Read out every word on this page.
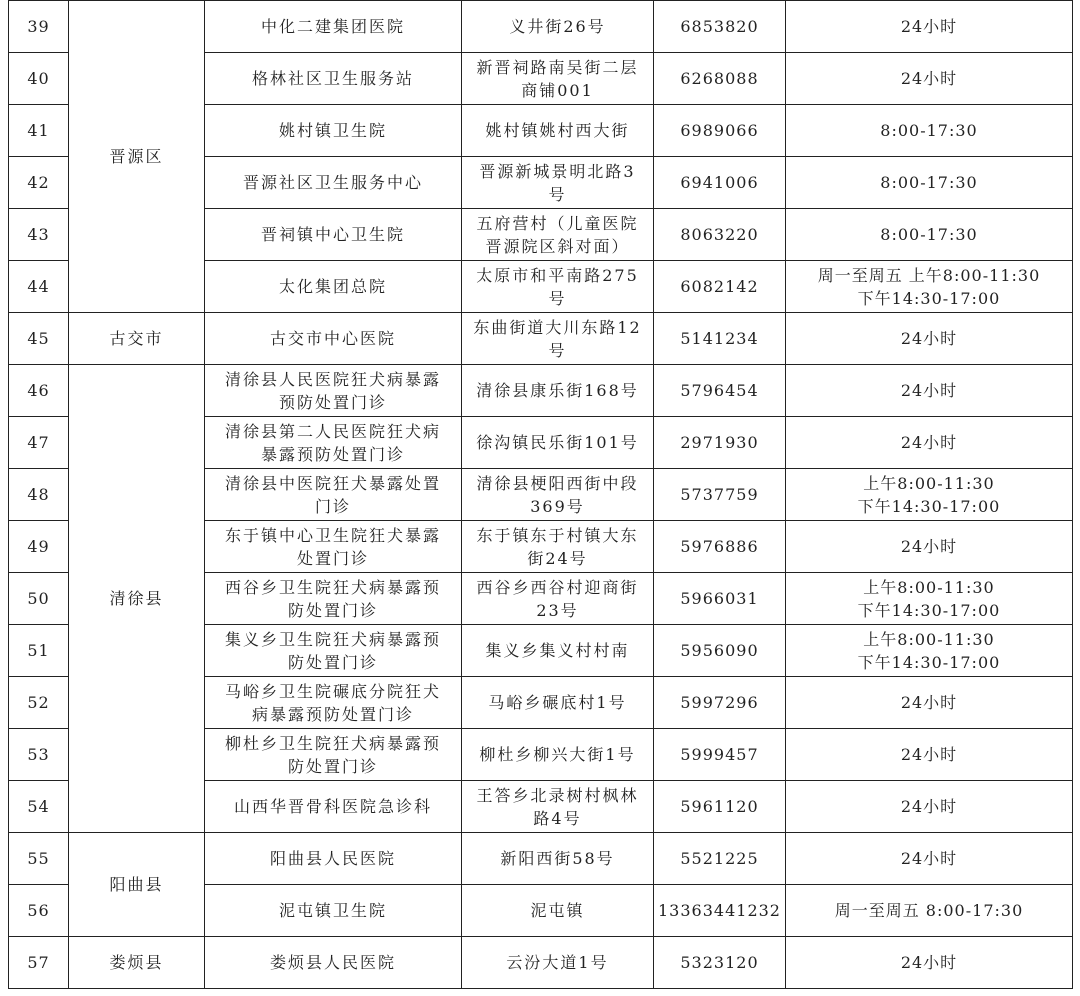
39	晋源区	中化二建集团医院	义井街26号	6853820	24小时

40		格林社区卫生服务站	新晋祠路南吴街二层
商铺001	6268088	24小时

41		姚村镇卫生院	姚村镇姚村西大街	6989066	8:00-17:30

42		晋源社区卫生服务中心	晋源新城景明北路3
号	6941006	8:00-17:30

43		晋祠镇中心卫生院	五府营村（儿童医院
晋源院区斜对面）	8063220	8:00-17:30

44		太化集团总院	太原市和平南路275
号	6082142	周一至周五 上午8:00-11:30
下午14:30-17:00

45	古交市	古交市中心医院	东曲街道大川东路12
号	5141234	24小时

46	清徐县	清徐县人民医院狂犬病暴露
预防处置门诊	清徐县康乐街168号	5796454	24小时

47		清徐县第二人民医院狂犬病
暴露预防处置门诊	徐沟镇民乐街101号	2971930	24小时

48		清徐县中医院狂犬暴露处置
门诊	清徐县梗阳西街中段
369号	5737759	上午8:00-11:30
下午14:30-17:00

49		东于镇中心卫生院狂犬暴露
处置门诊	东于镇东于村镇大东
街24号	5976886	24小时

50		西谷乡卫生院狂犬病暴露预
防处置门诊	西谷乡西谷村迎商街
23号	5966031	上午8:00-11:30
下午14:30-17:00

51		集义乡卫生院狂犬病暴露预
防处置门诊	集义乡集义村村南	5956090	上午8:00-11:30
下午14:30-17:00

52		马峪乡卫生院碾底分院狂犬
病暴露预防处置门诊	马峪乡碾底村1号	5997296	24小时

53		柳杜乡卫生院狂犬病暴露预
防处置门诊	柳杜乡柳兴大街1号	5999457	24小时

54		山西华晋骨科医院急诊科	王答乡北录树村枫林
路4号	5961120	24小时

55	阳曲县	阳曲县人民医院	新阳西街58号	5521225	24小时

56		泥屯镇卫生院	泥屯镇	13363441232	周一至周五 8:00-17:30

57	娄烦县	娄烦县人民医院	云汾大道1号	5323120	24小时
